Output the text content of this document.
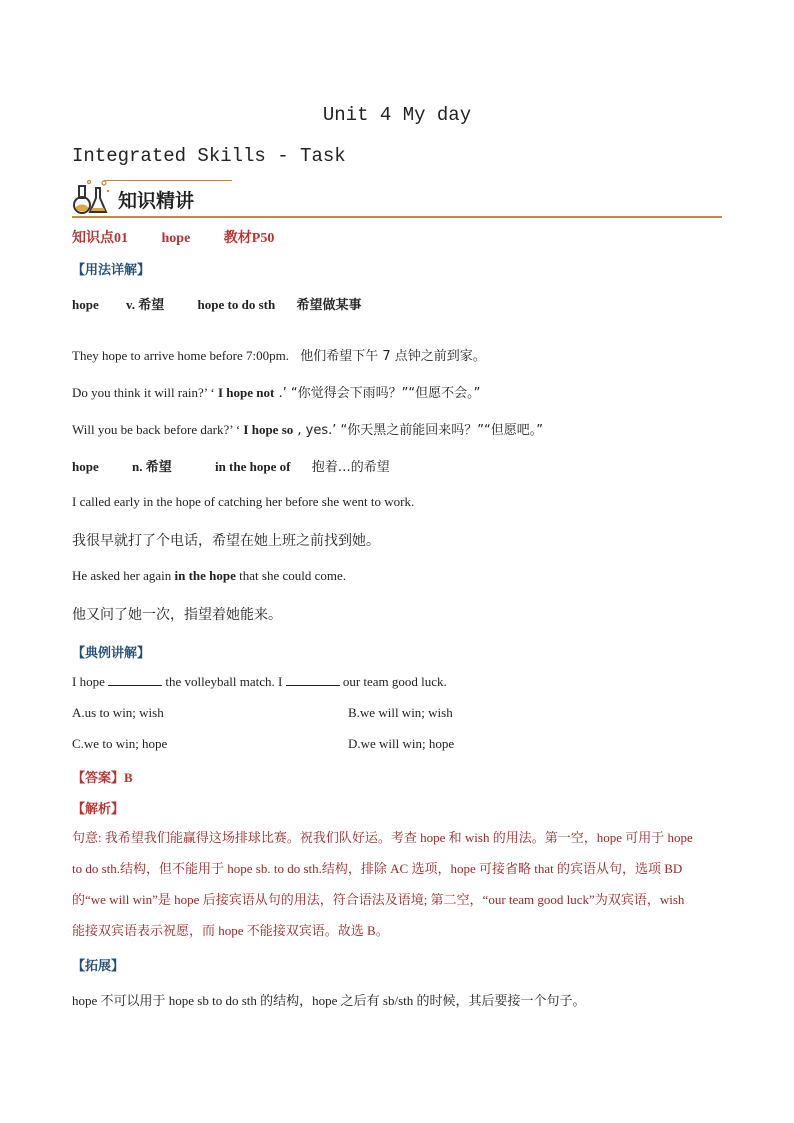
Unit 4 My day
Integrated Skills - Task
知识精讲
知识点01 hope 教材P50
【用法详解】
hope v. 希望	hope to do sth 希望做某事
They hope to arrive home before 7:00pm. 他们希望下午 7 点钟之前到家。
Do you think it will rain?’ ‘ I hope not .’ “你觉得会下雨吗？”“但愿不会。”
Will you be back before dark?’ ‘ I hope so , yes.’ “你天黑之前能回来吗？”“但愿吧。”
hope	n. 希望	in the hope of 抱着…的希望
I called early in the hope of catching her before she went to work.
我很早就打了个电话，希望在她上班之前找到她。
He asked her again in the hope that she could come.
他又问了她一次，指望着她能来。
【典例讲解】
I hope	the volleyball match. I	our team good luck.
A.us to win; wish	B.we will win; wish
C.we to win; hope	D.we will win; hope
【答案】B
【解析】

句意: 我希望我们能赢得这场排球比赛。祝我们队好运。考查 hope 和 wish 的用法。第一空，hope 可用于 hope

to do sth.结构，但不能用于 hope sb. to do sth.结构，排除 AC 选项，hope 可接省略 that 的宾语从句，选项 BD

的“we will win”是 hope 后接宾语从句的用法，符合语法及语境; 第二空，“our team good luck”为双宾语，wish

能接双宾语表示祝愿，而 hope 不能接双宾语。故选 B。

【拓展】
hope 不可以用于 hope sb to do sth 的结构，hope 之后有 sb/sth 的时候，其后要接一个句子。
